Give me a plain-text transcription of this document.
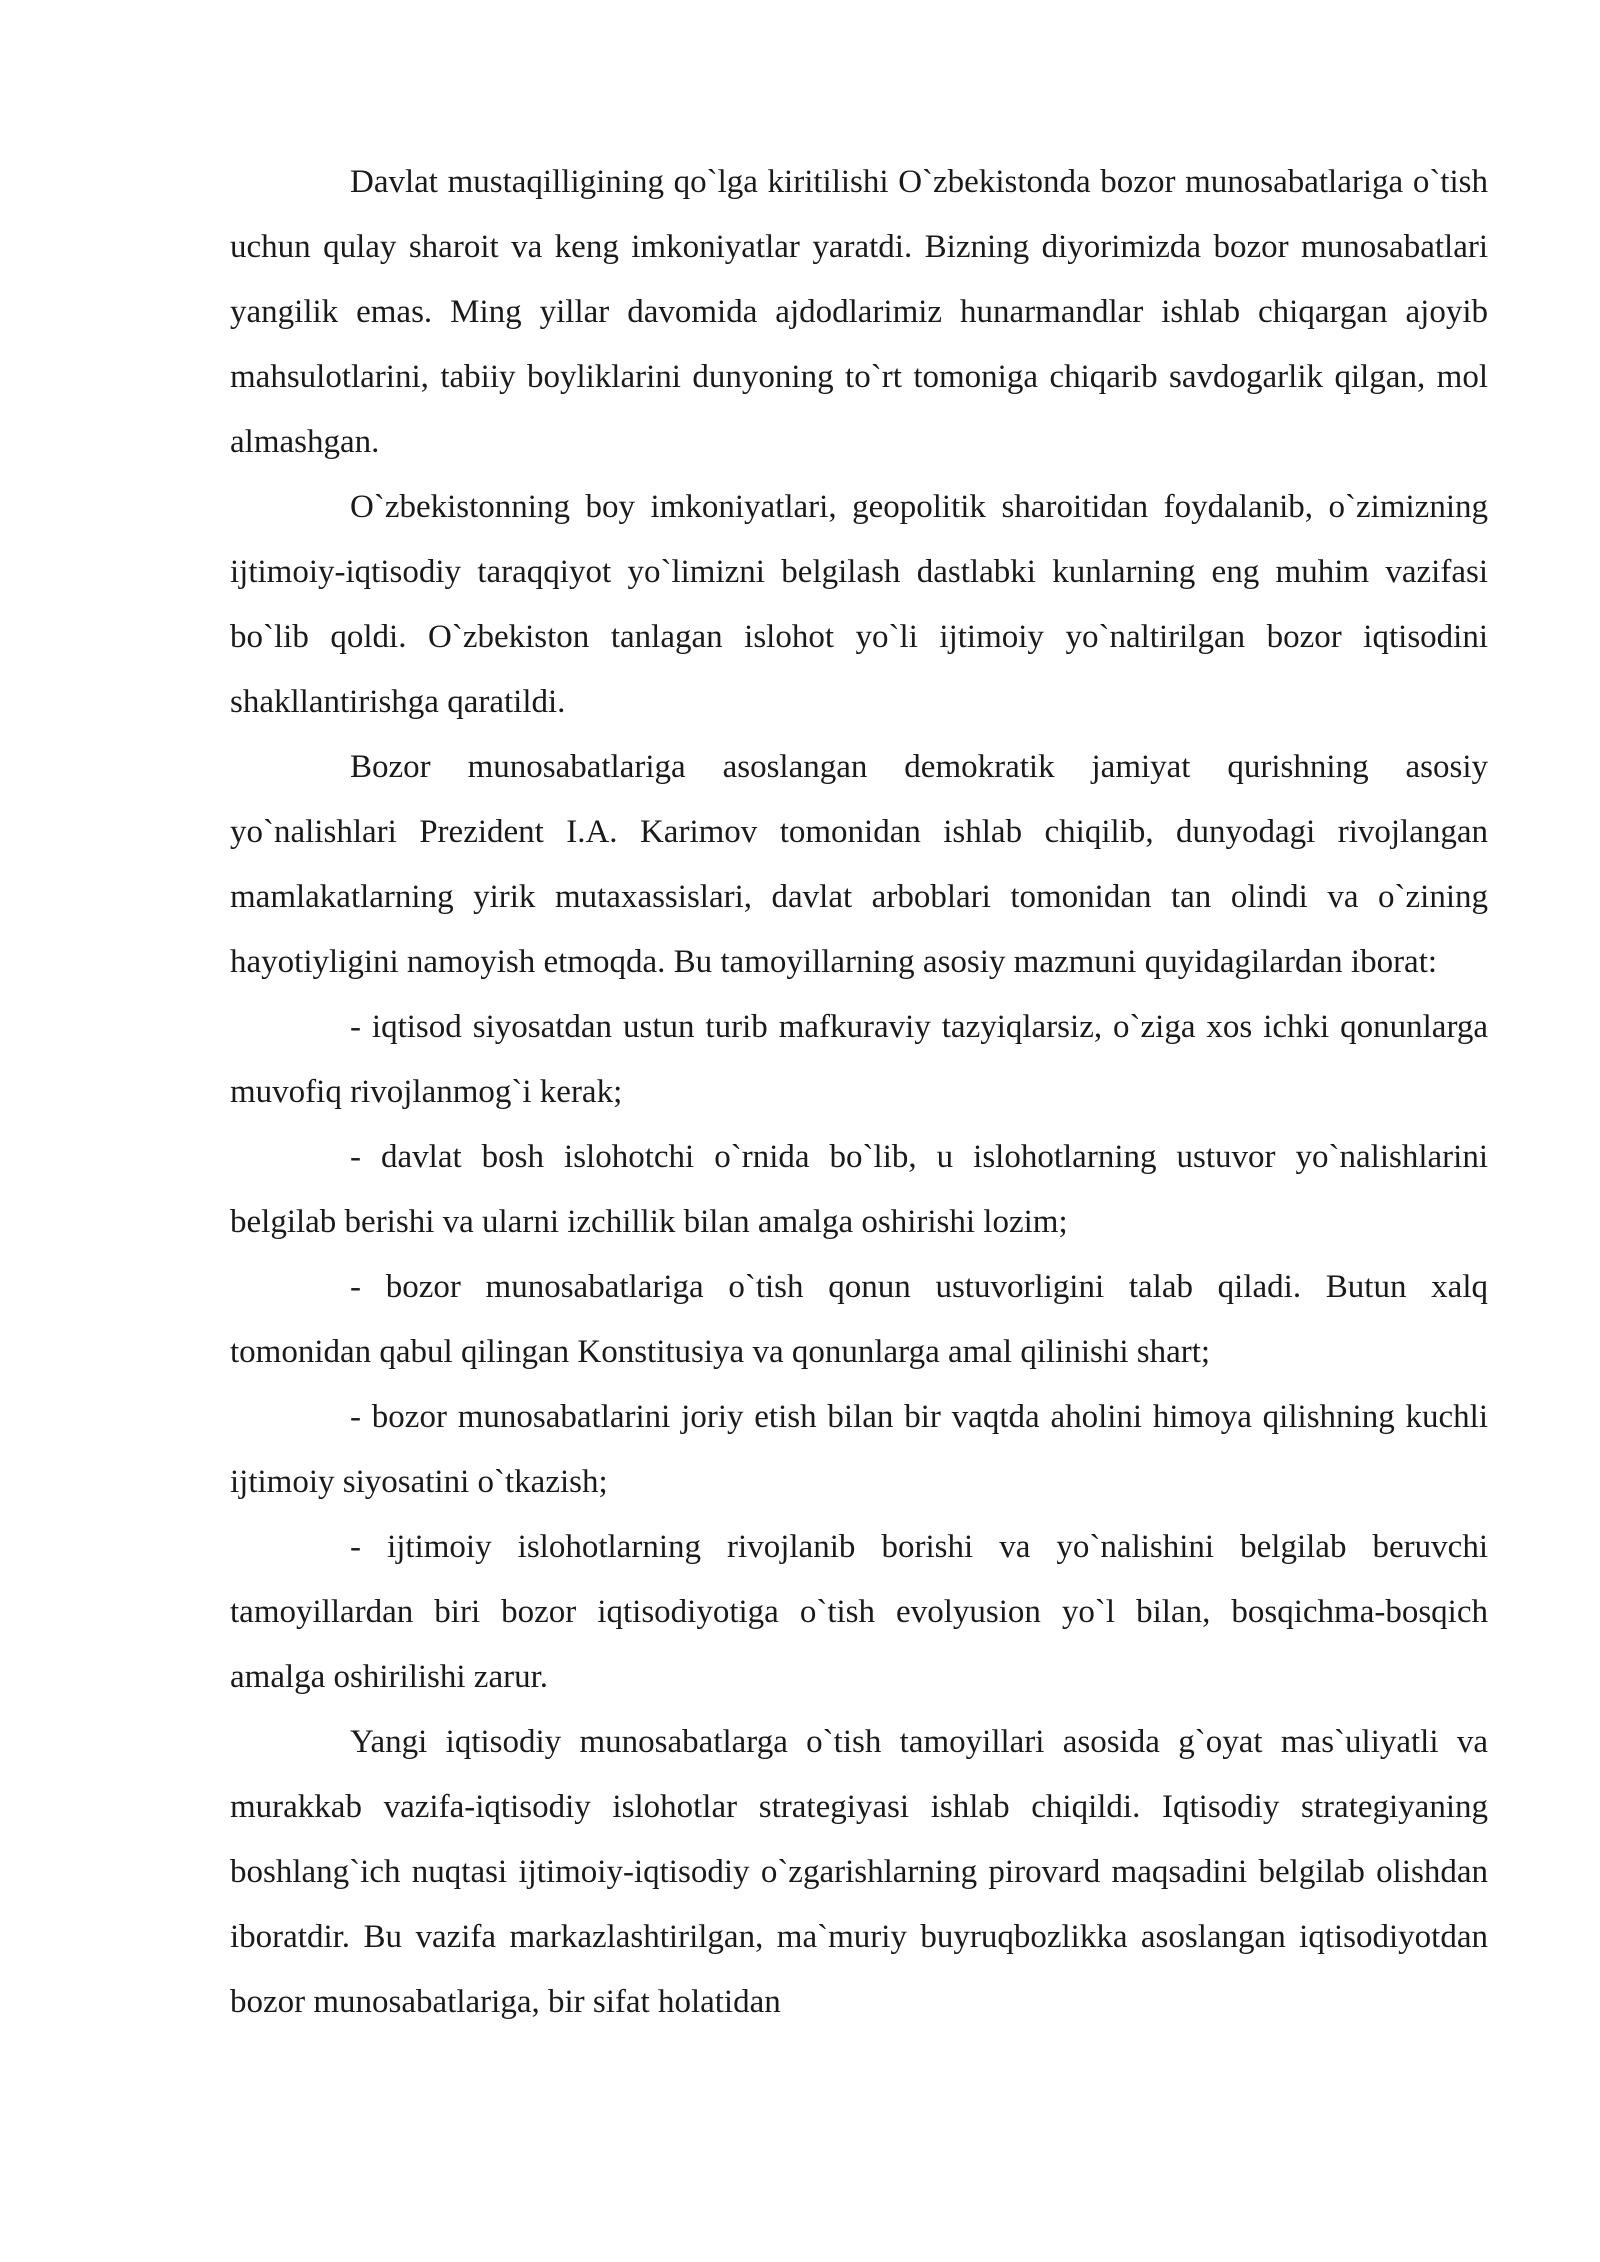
Davlat mustaqilligining qo`lga kiritilishi O`zbekistonda bozor munosabatlariga o`tish uchun qulay sharoit va keng imkoniyatlar yaratdi. Bizning diyorimizda bozor munosabatlari yangilik emas. Ming yillar davomida ajdodlarimiz hunarmandlar ishlab chiqargan ajoyib mahsulotlarini, tabiiy boyliklarini dunyoning to`rt tomoniga chiqarib savdogarlik qilgan, mol almashgan.

O`zbekistonning boy imkoniyatlari, geopolitik sharoitidan foydalanib, o`zimizning ijtimoiy-iqtisodiy taraqqiyot yo`limizni belgilash dastlabki kunlarning eng muhim vazifasi bo`lib qoldi. O`zbekiston tanlagan islohot yo`li ijtimoiy yo`naltirilgan bozor iqtisodini shakllantirishga qaratildi.

Bozor munosabatlariga asoslangan demokratik jamiyat qurishning asosiy yo`nalishlari Prezident I.A. Karimov tomonidan ishlab chiqilib, dunyodagi rivojlangan mamlakatlarning yirik mutaxassislari, davlat arboblari tomonidan tan olindi va o`zining hayotiyligini namoyish etmoqda. Bu tamoyillarning asosiy mazmuni quyidagilardan iborat:

- iqtisod siyosatdan ustun turib mafkuraviy tazyiqlarsiz, o`ziga xos ichki qonunlarga muvofiq rivojlanmog`i kerak;

- davlat bosh islohotchi o`rnida bo`lib, u islohotlarning ustuvor yo`nalishlarini belgilab berishi va ularni izchillik bilan amalga oshirishi lozim;

- bozor munosabatlariga o`tish qonun ustuvorligini talab qiladi. Butun xalq tomonidan qabul qilingan Konstitusiya va qonunlarga amal qilinishi shart;

- bozor munosabatlarini joriy etish bilan bir vaqtda aholini himoya qilishning kuchli ijtimoiy siyosatini o`tkazish;

- ijtimoiy islohotlarning rivojlanib borishi va yo`nalishini belgilab beruvchi tamoyillardan biri bozor iqtisodiyotiga o`tish evolyusion yo`l bilan, bosqichma-bosqich amalga oshirilishi zarur.

Yangi iqtisodiy munosabatlarga o`tish tamoyillari asosida g`oyat mas`uliyatli va murakkab vazifa-iqtisodiy islohotlar strategiyasi ishlab chiqildi. Iqtisodiy strategiyaning boshlang`ich nuqtasi ijtimoiy-iqtisodiy o`zgarishlarning pirovard maqsadini belgilab olishdan iboratdir. Bu vazifa markazlashtirilgan, ma`muriy buyruqbozlikka asoslangan iqtisodiyotdan bozor munosabatlariga, bir sifat holatidan
